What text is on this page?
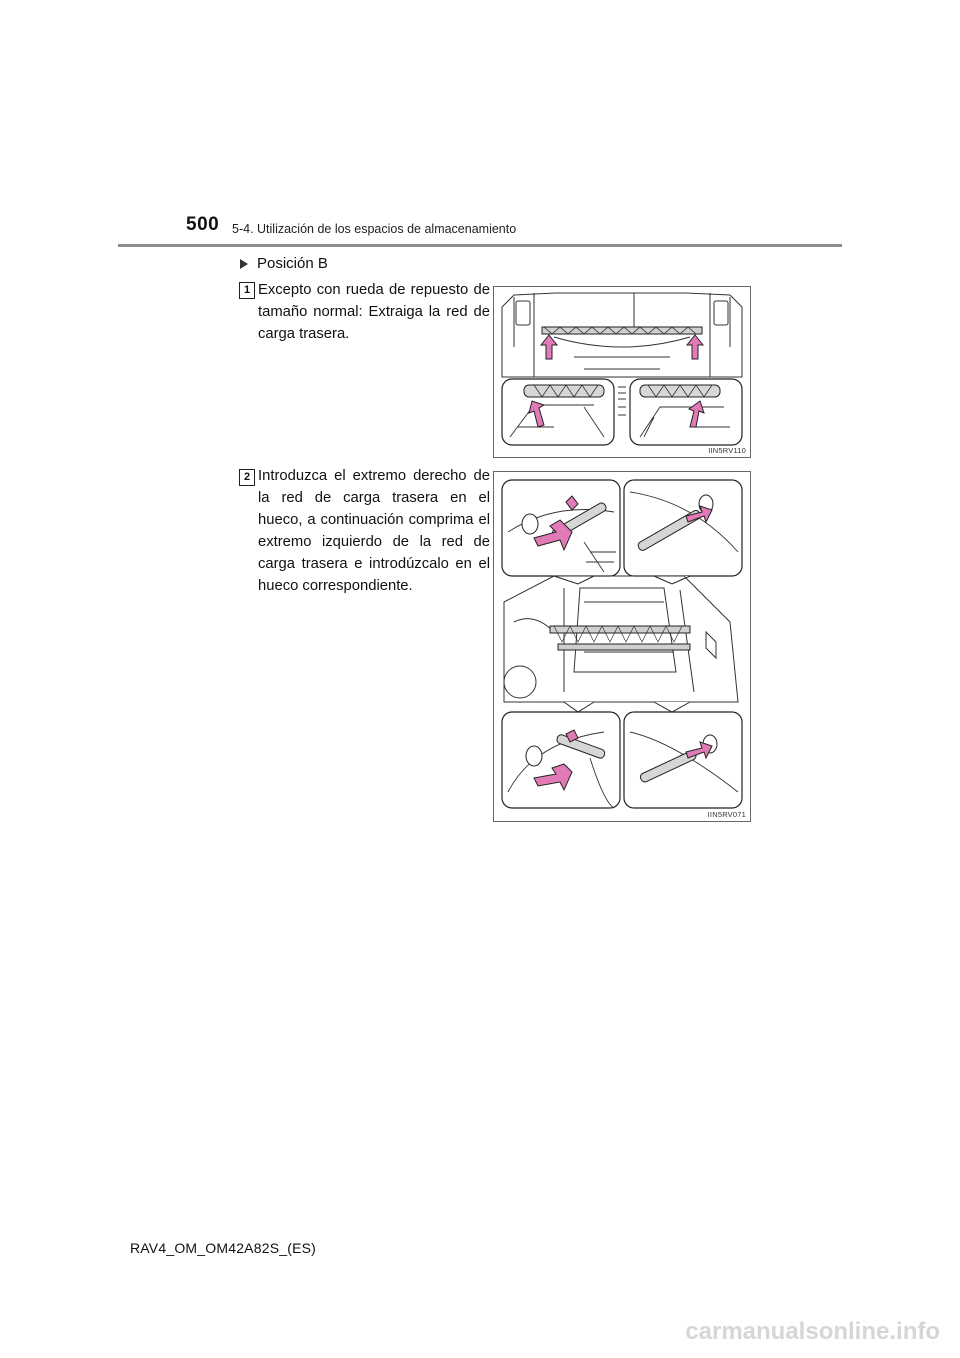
500 5-4. Utilización de los espacios de almacenamiento
Posición B
1 Excepto con rueda de repuesto de tamaño normal: Extraiga la red de carga trasera.
IIN5RV110
2 Introduzca el extremo derecho de la red de carga trasera en el hueco, a continuación comprima el extremo izquierdo de la red de carga trasera e introdúzcalo en el hueco correspondiente.
IIN5RV071
RAV4_OM_OM42A82S_(ES)
carmanualsonline.info
